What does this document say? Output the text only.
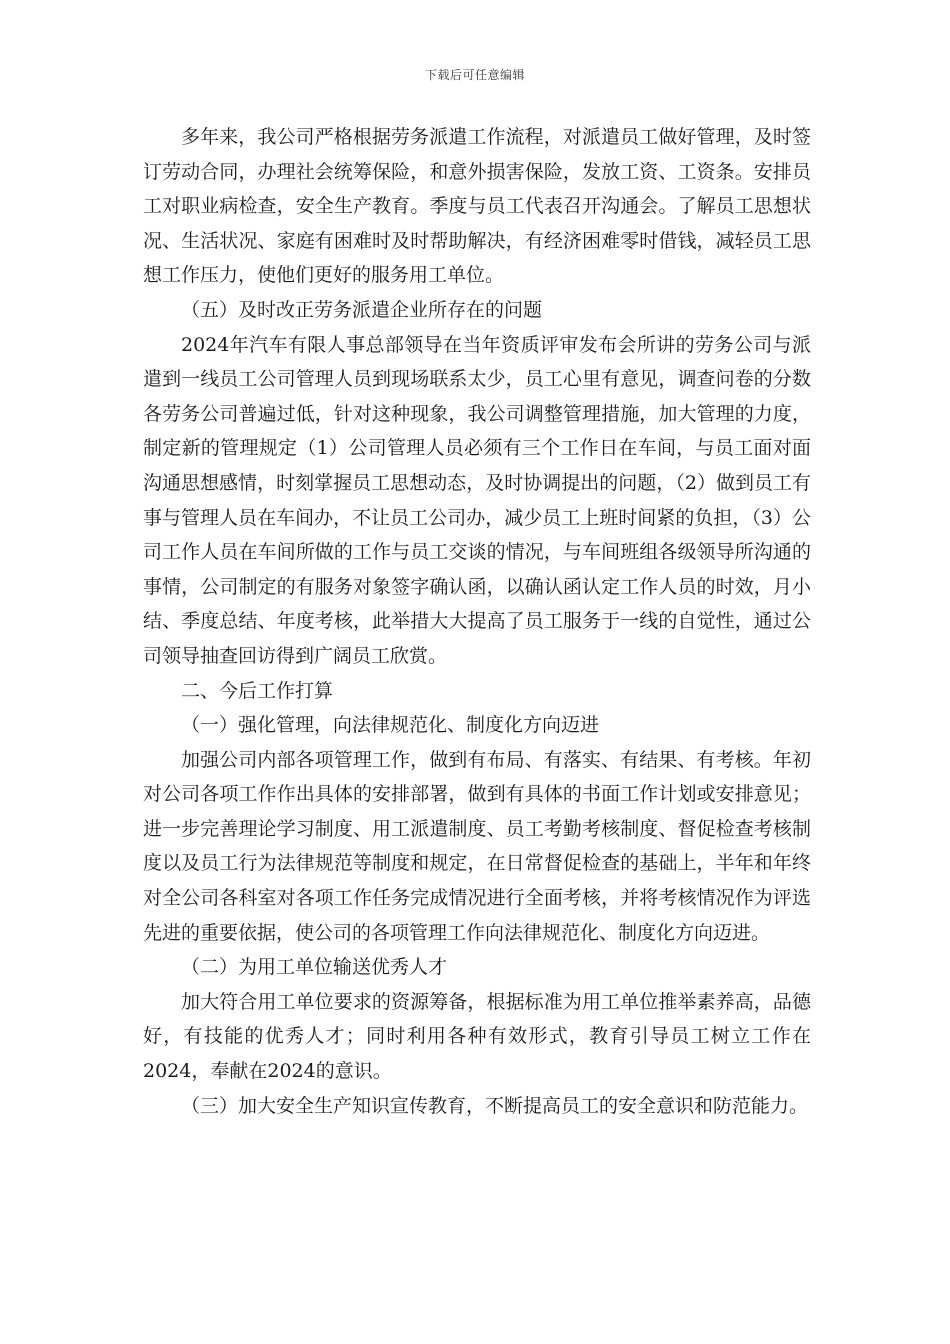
下载后可任意编辑

多年来，我公司严格根据劳务派遣工作流程，对派遣员工做好管理，及时签订劳动合同，办理社会统筹保险，和意外损害保险，发放工资、工资条。安排员工对职业病检查，安全生产教育。季度与员工代表召开沟通会。了解员工思想状况、生活状况、家庭有困难时及时帮助解决，有经济困难零时借钱，减轻员工思想工作压力，使他们更好的服务用工单位。

（五）及时改正劳务派遣企业所存在的问题

2024年汽车有限人事总部领导在当年资质评审发布会所讲的劳务公司与派遣到一线员工公司管理人员到现场联系太少，员工心里有意见，调查问卷的分数各劳务公司普遍过低，针对这种现象，我公司调整管理措施，加大管理的力度，制定新的管理规定（1）公司管理人员必须有三个工作日在车间，与员工面对面沟通思想感情，时刻掌握员工思想动态，及时协调提出的问题，（2）做到员工有事与管理人员在车间办，不让员工公司办，减少员工上班时间紧的负担，（3）公司工作人员在车间所做的工作与员工交谈的情况，与车间班组各级领导所沟通的事情，公司制定的有服务对象签字确认函，以确认函认定工作人员的时效，月小结、季度总结、年度考核，此举措大大提高了员工服务于一线的自觉性，通过公司领导抽查回访得到广阔员工欣赏。

二、今后工作打算

（一）强化管理，向法律规范化、制度化方向迈进

加强公司内部各项管理工作，做到有布局、有落实、有结果、有考核。年初对公司各项工作作出具体的安排部署，做到有具体的书面工作计划或安排意见；进一步完善理论学习制度、用工派遣制度、员工考勤考核制度、督促检查考核制度以及员工行为法律规范等制度和规定，在日常督促检查的基础上，半年和年终对全公司各科室对各项工作任务完成情况进行全面考核，并将考核情况作为评选先进的重要依据，使公司的各项管理工作向法律规范化、制度化方向迈进。

（二）为用工单位输送优秀人才

加大符合用工单位要求的资源筹备，根据标准为用工单位推举素养高，品德好，有技能的优秀人才；同时利用各种有效形式，教育引导员工树立工作在2024，奉献在2024的意识。

（三）加大安全生产知识宣传教育，不断提高员工的安全意识和防范能力。
